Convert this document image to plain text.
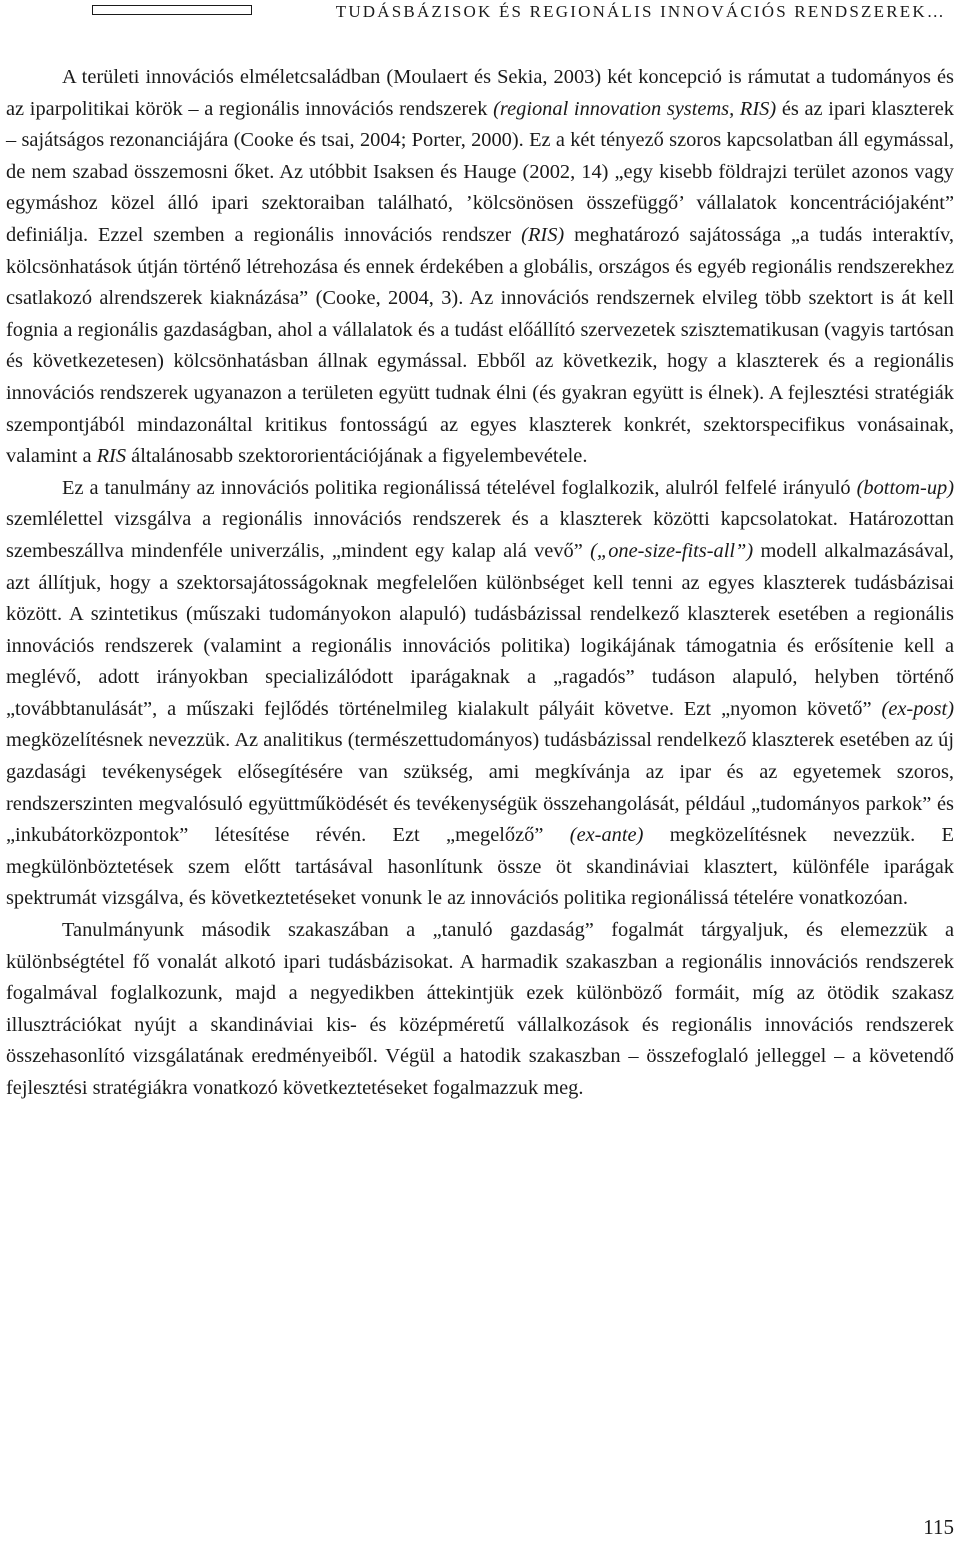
TUDÁSBÁZISOK ÉS REGIONÁLIS INNOVÁCIÓS RENDSZEREK…

A területi innovációs elméletcsaládban (Moulaert és Sekia, 2003) két koncepció is rámutat a tudományos és az iparpolitikai körök – a regionális innovációs rendszerek (regional innovation systems, RIS) és az ipari klaszterek – sajátságos rezonanciájára (Cooke és tsai, 2004; Porter, 2000). Ez a két tényező szoros kapcsolatban áll egymással, de nem szabad összemosni őket. Az utóbbit Isaksen és Hauge (2002, 14) „egy kisebb földrajzi terület azonos vagy egymáshoz közel álló ipari szektoraiban található, ’kölcsönösen összefüggő’ vállalatok koncentrációjaként” definiálja. Ezzel szemben a regionális innovációs rendszer (RIS) meghatározó sajátossága „a tudás interaktív, kölcsönhatások útján történő létrehozása és ennek érdekében a globális, országos és egyéb regionális rendszerekhez csatlakozó alrendszerek kiaknázása” (Cooke, 2004, 3). Az innovációs rendszernek elvileg több szektort is át kell fognia a regionális gazdaságban, ahol a vállalatok és a tudást előállító szervezetek szisztematikusan (vagyis tartósan és következetesen) kölcsönhatásban állnak egymással. Ebből az következik, hogy a klaszterek és a regionális innovációs rendszerek ugyanazon a területen együtt tudnak élni (és gyakran együtt is élnek). A fejlesztési stratégiák szempontjából mindazonáltal kritikus fontosságú az egyes klaszterek konkrét, szektorspecifikus vonásainak, valamint a RIS általánosabb szektororientációjának a figyelembevétele.

Ez a tanulmány az innovációs politika regionálissá tételével foglalkozik, alulról felfelé irányuló (bottom-up) szemlélettel vizsgálva a regionális innovációs rendszerek és a klaszterek közötti kapcsolatokat. Határozottan szembeszállva mindenféle univerzális, „mindent egy kalap alá vevő” („one-size-fits-all”) modell alkalmazásával, azt állítjuk, hogy a szektorsajátosságoknak megfelelően különbséget kell tenni az egyes klaszterek tudásbázisai között. A szintetikus (műszaki tudományokon alapuló) tudásbázissal rendelkező klaszterek esetében a regionális innovációs rendszerek (valamint a regionális innovációs politika) logikájának támogatnia és erősítenie kell a meglévő, adott irányokban specializálódott iparágaknak a „ragadós” tudáson alapuló, helyben történő „továbbtanulását”, a műszaki fejlődés történelmileg kialakult pályáit követve. Ezt „nyomon követő” (ex-post) megközelítésnek nevezzük. Az analitikus (természettudományos) tudásbázissal rendelkező klaszterek esetében az új gazdasági tevékenységek elősegítésére van szükség, ami megkívánja az ipar és az egyetemek szoros, rendszerszinten megvalósuló együttműködését és tevékenységük összehangolását, például „tudományos parkok” és „inkubátorközpontok” létesítése révén. Ezt „megelőző” (ex-ante) megközelítésnek nevezzük. E megkülönböztetések szem előtt tartásával hasonlítunk össze öt skandináviai klasztert, különféle iparágak spektrumát vizsgálva, és következtetéseket vonunk le az innovációs politika regionálissá tételére vonatkozóan.

Tanulmányunk második szakaszában a „tanuló gazdaság” fogalmát tárgyaljuk, és elemezzük a különbségtétel fő vonalát alkotó ipari tudásbázisokat. A harmadik szakaszban a regionális innovációs rendszerek fogalmával foglalkozunk, majd a negyedikben áttekintjük ezek különböző formáit, míg az ötödik szakasz illusztrációkat nyújt a skandináviai kis- és középméretű vállalkozások és regionális innovációs rendszerek összehasonlító vizsgálatának eredményeiből. Végül a hatodik szakaszban – összefoglaló jelleggel – a követendő fejlesztési stratégiákra vonatkozó következtetéseket fogalmazzuk meg.

115
